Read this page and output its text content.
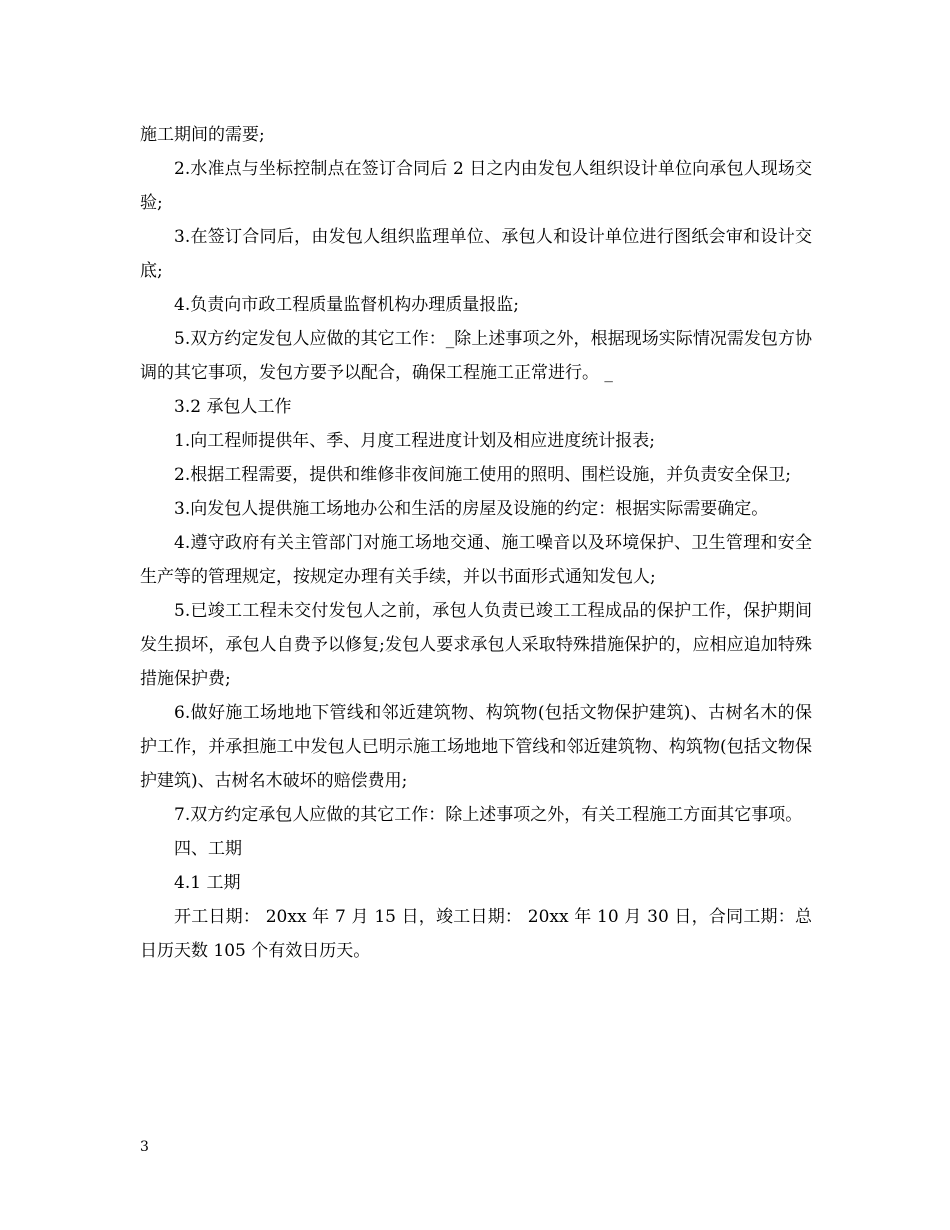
施工期间的需要;

2.水准点与坐标控制点在签订合同后 2 日之内由发包人组织设计单位向承包人现场交验;

3.在签订合同后，由发包人组织监理单位、承包人和设计单位进行图纸会审和设计交底;

4.负责向市政工程质量监督机构办理质量报监;

5.双方约定发包人应做的其它工作：_除上述事项之外，根据现场实际情况需发包方协调的其它事项，发包方要予以配合，确保工程施工正常进行。 _

3.2 承包人工作

1.向工程师提供年、季、月度工程进度计划及相应进度统计报表;

2.根据工程需要，提供和维修非夜间施工使用的照明、围栏设施，并负责安全保卫;

3.向发包人提供施工场地办公和生活的房屋及设施的约定：根据实际需要确定。

4.遵守政府有关主管部门对施工场地交通、施工噪音以及环境保护、卫生管理和安全生产等的管理规定，按规定办理有关手续，并以书面形式通知发包人;

5.已竣工工程未交付发包人之前，承包人负责已竣工工程成品的保护工作，保护期间发生损坏，承包人自费予以修复;发包人要求承包人采取特殊措施保护的，应相应追加特殊措施保护费;

6.做好施工场地地下管线和邻近建筑物、构筑物(包括文物保护建筑)、古树名木的保护工作，并承担施工中发包人已明示施工场地地下管线和邻近建筑物、构筑物(包括文物保护建筑)、古树名木破坏的赔偿费用;

7.双方约定承包人应做的其它工作：除上述事项之外，有关工程施工方面其它事项。

四、工期

4.1 工期

开工日期： 20xx 年 7 月 15 日，竣工日期： 20xx 年 10 月 30 日，合同工期：总日历天数 105 个有效日历天。

3
